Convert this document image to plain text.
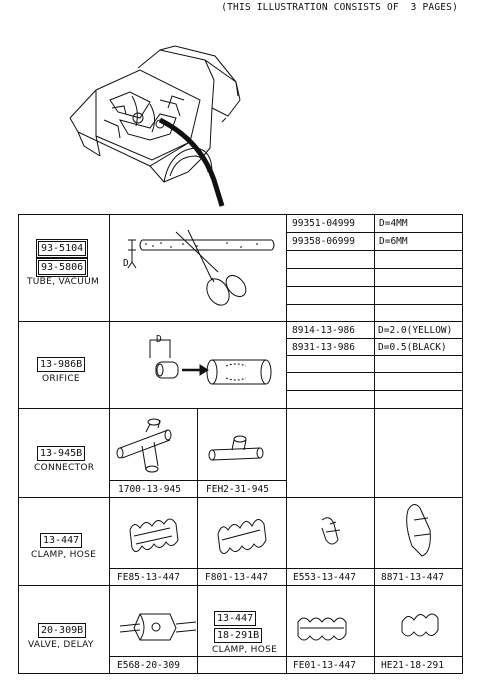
(THIS ILLUSTRATION CONSISTS OF  3 PAGES)
93-5104
93-5806
TUBE, VACUUM
D
99351-04999	D=4MM
99358-06999	D=6MM
13-986B
ORIFICE
D
8914-13-986 D=2.0(YELLOW)
8931-13-986 D=0.5(BLACK)
13-945B
CONNECTOR
1700-13-945	FEH2-31-945
13-447
CLAMP, HOSE
FE85-13-447	F801-13-447	E553-13-447	8871-13-447
20-309B
VALVE, DELAY
E568-20-309
13-447
18-291B
CLAMP, HOSE
FE01-13-447	HE21-18-291
